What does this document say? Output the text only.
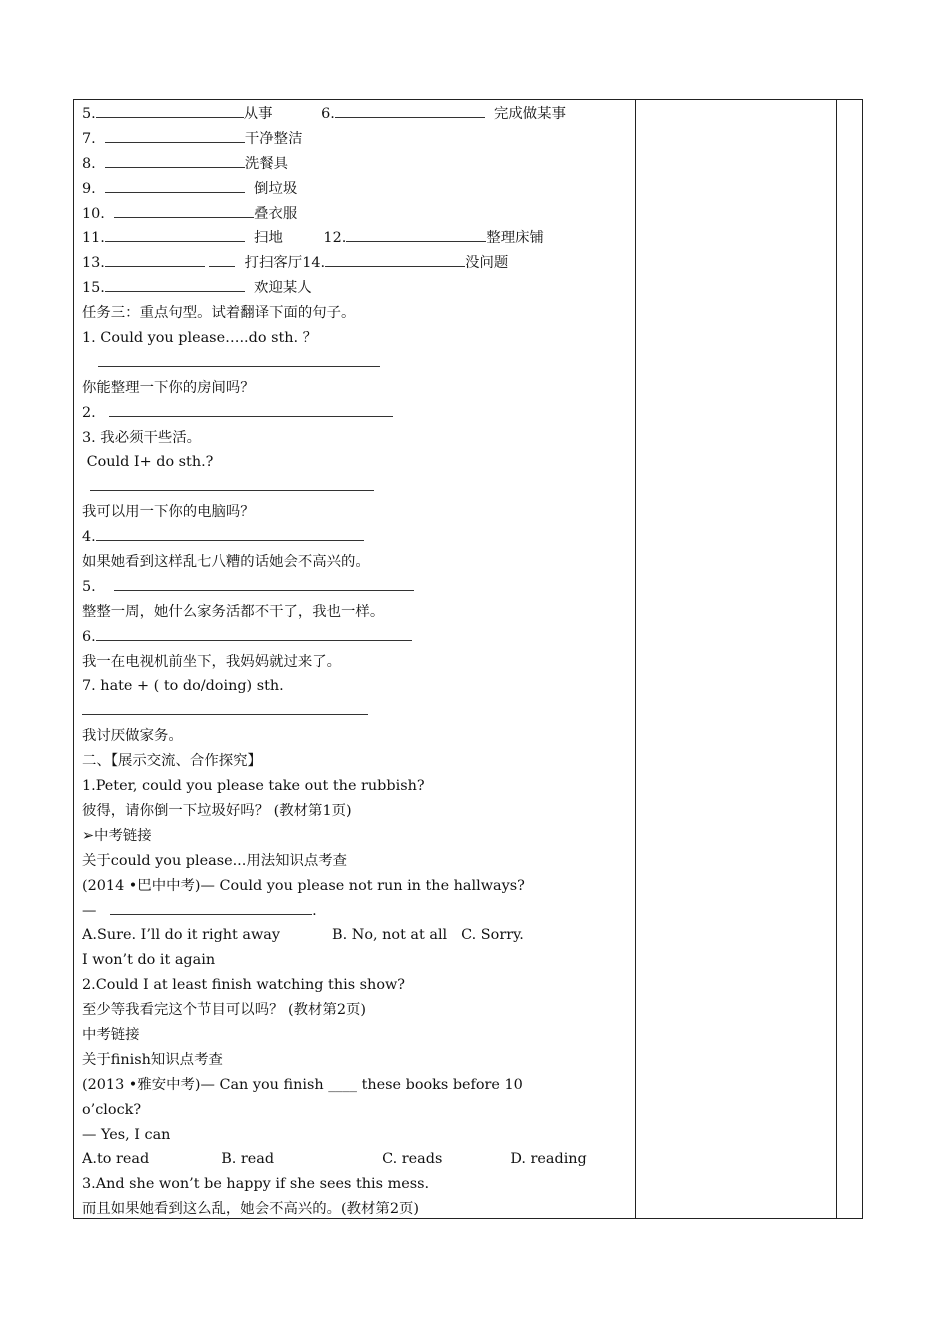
5.	从事	6.	完成做某事
7.	干净整洁
8.	洗餐具
9.	倒垃圾
10.	叠衣服
11.	扫地	12.	整理床铺
13.	打扫客厅14.	没问题
15.	欢迎某人
任务三：重点句型。试着翻译下面的句子。
1. Could you please…..do sth. ？
你能整理一下你的房间吗？
2.
3. 我必须干些活。
Could I+ do sth.?
我可以用一下你的电脑吗？
4.
如果她看到这样乱七八糟的话她会不高兴的。
5.
整整一周，她什么家务活都不干了，我也一样。
6.
我一在电视机前坐下，我妈妈就过来了。
7. hate + ( to do/doing) sth.
我讨厌做家务。
二、【展示交流、合作探究】
1.Peter, could you please take out the rubbish?
彼得，请你倒一下垃圾好吗？ (教材第1页)
➢中考链接
关于could you please...用法知识点考查
(2014 •巴中中考)— Could you please not run in the hallways?
—	.
A.Sure. I’ll do it right away	B. No, not at all C. Sorry.
I won’t do it again
2.Could I at least finish watching this show?
至少等我看完这个节目可以吗？ (教材第2页)
中考链接
关于finish知识点考查
(2013 •雅安中考)— Can you finish ____ these books before 10
o’clock?
— Yes, I can
A.to read	B. read	C. reads	D. reading
3.And she won’t be happy if she sees this mess.
而且如果她看到这么乱，她会不高兴的。(教材第2页)
